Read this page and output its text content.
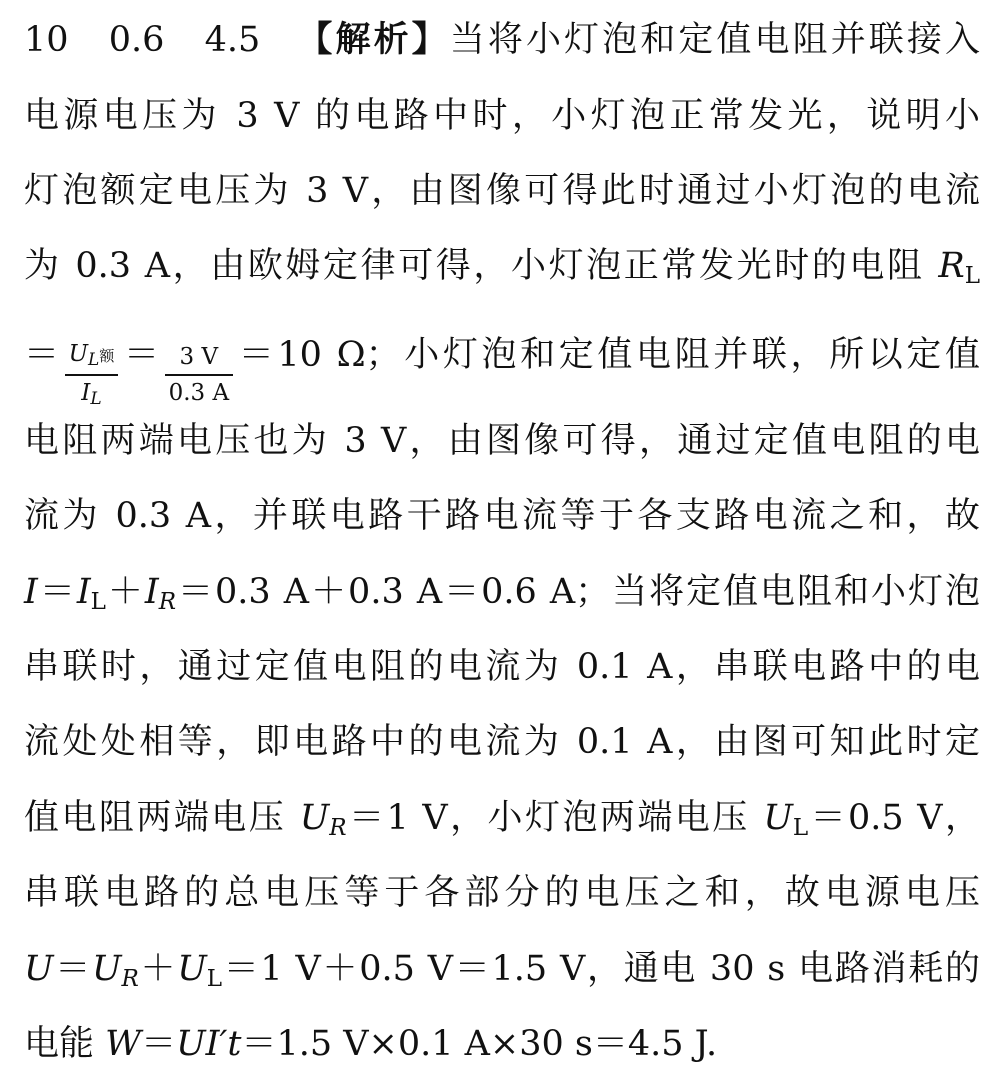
10 0.6 4.5 【解析】当将小灯泡和定值电阻并联接入
电源电压为 3 V 的电路中时，小灯泡正常发光，说明小
灯泡额定电压为 3 V，由图像可得此时通过小灯泡的电流
为 0.3 A，由欧姆定律可得，小灯泡正常发光时的电阻 $R_L$
＝ $\frac{\text{UL额}}{IL} = \frac{3 V}{0.3 A} =10$ Ω；小灯泡和定值电阻并联，所以定值
电阻两端电压也为 3 V，由图像可得，通过定值电阻的电
流为 0.3 A，并联电路干路电流等于各支路电流之和，故
$I=I_L+I_R=0.3$ A＋0.3 A＝0.6 A；当将定值电阻和小灯泡
串联时，通过定值电阻的电流为 0.1 A，串联电路中的电
流处处相等，即电路中的电流为 0.1 A，由图可知此时定
值电阻两端电压 $U_R=1$ V，小灯泡两端电压 $U_L=0.5$ V，
串联电路的总电压等于各部分的电压之和，故电源电压
$U=U_R+U_L=1$ V＋0.5 V＝1.5 V，通电 30 s 电路消耗的
电能 W＝UI′t＝1.5 V×0.1 A×30 s＝4.5 J.
